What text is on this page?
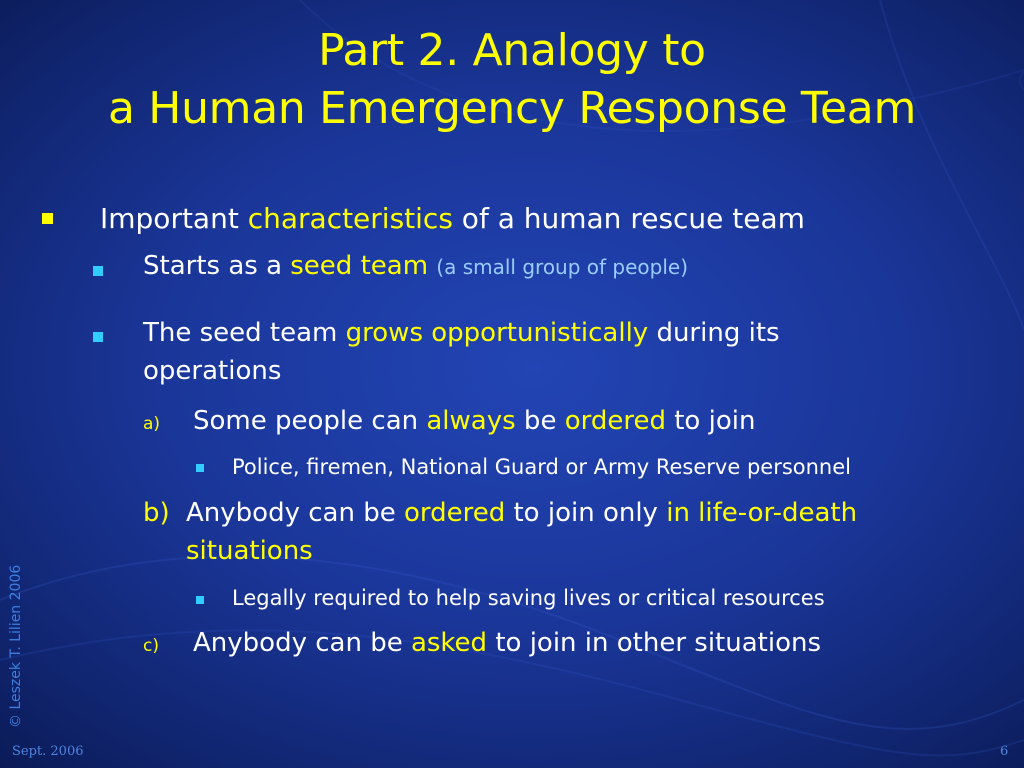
Part 2. Analogy to
a Human Emergency Response Team
Important characteristics of a human rescue team
Starts as a seed team (a small group of people)
The seed team grows opportunistically during its
operations
a) Some people can always be ordered to join
Police, firemen, National Guard or Army Reserve personnel
b) Anybody can be ordered to join only in life-or-death
situations
Legally required to help saving lives or critical resources
c) Anybody can be asked to join in other situations
© Leszek T. Lilien 2006
Sept. 2006	6
